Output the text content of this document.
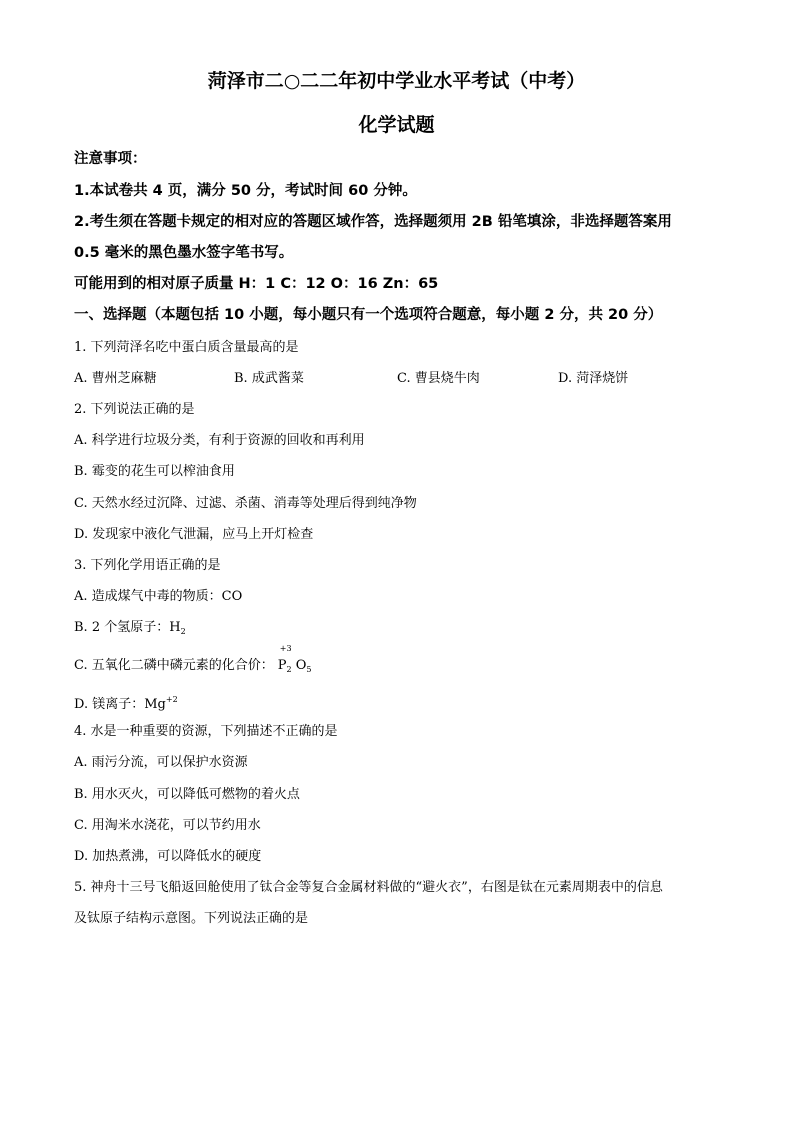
菏泽市二○二二年初中学业水平考试（中考）
化学试题
注意事项：
1.本试卷共 4 页，满分 50 分，考试时间 60 分钟。
2.考生须在答题卡规定的相对应的答题区域作答，选择题须用 2B 铅笔填涂，非选择题答案用
0.5 毫米的黑色墨水签字笔书写。
可能用到的相对原子质量 H：1 C：12 O：16 Zn：65
一、选择题（本题包括 10 小题，每小题只有一个选项符合题意，每小题 2 分，共 20 分）
1. 下列菏泽名吃中蛋白质含量最高的是
A. 曹州芝麻糖	B. 成武酱菜	C. 曹县烧牛肉	D. 菏泽烧饼
2. 下列说法正确的是
A. 科学进行垃圾分类，有利于资源的回收和再利用
B. 霉变的花生可以榨油食用
C. 天然水经过沉降、过滤、杀菌、消毒等处理后得到纯净物
D. 发现家中液化气泄漏，应马上开灯检查
3. 下列化学用语正确的是
A. 造成煤气中毒的物质：CO
B. 2 个氢原子：$H_2$
C. 五氧化二磷中磷元素的化合价：
+3
$P_2$ $O_5$
D. 镁离子：$Mg^{+2}$
4. 水是一种重要的资源，下列描述不正确的是
A. 雨污分流，可以保护水资源
B. 用水灭火，可以降低可燃物的着火点
C. 用淘米水浇花，可以节约用水
D. 加热煮沸，可以降低水的硬度
5. 神舟十三号飞船返回舱使用了钛合金等复合金属材料做的“避火衣”，右图是钛在元素周期表中的信息
及钛原子结构示意图。下列说法正确的是
